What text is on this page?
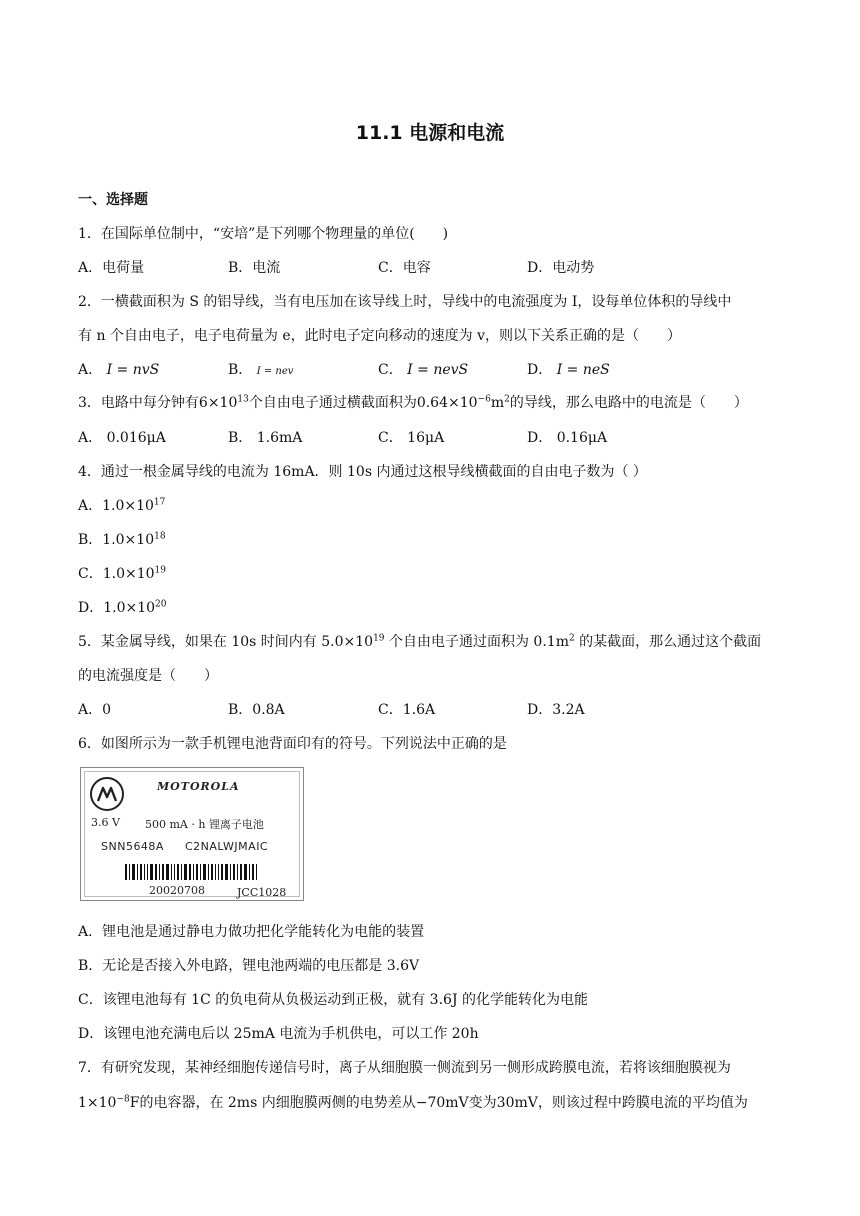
11.1 电源和电流
一、选择题
1．在国际单位制中，“安培”是下列哪个物理量的单位(　　)
A．电荷量	B．电流	C．电容	D．电动势
2．一横截面积为 S 的铝导线，当有电压加在该导线上时，导线中的电流强度为 I，设每单位体积的导线中
有 n 个自由电子，电子电荷量为 e，此时电子定向移动的速度为 v，则以下关系正确的是（　　）
A． I = nvS	B． I = nev	C． I = nevS	D． I = neS
3．电路中每分钟有$6\times 10^{13}$个自由电子通过横截面积为$0.64\times 10^{-6}m^2$的导线，那么电路中的电流是（　　）
A． 0.016μA	B． 1.6mA	C． 16μA	D． 0.16μA
4．通过一根金属导线的电流为 16mA．则 10s 内通过这根导线横截面的自由电子数为（ ）
A．$1.0\times 10^{17}$
B．$1.0\times 10^{18}$
C．$1.0\times 10^{19}$
D．$1.0\times 10^{20}$
5．某金属导线，如果在 10s 时间内有 $5.0\times 10^{19}$ 个自由电子通过面积为 $0.1m^2$ 的某截面，那么通过这个截面
的电流强度是（　　）
A．0	B．0.8A	C．1.6A	D．3.2A
6．如图所示为一款手机锂电池背面印有的符号。下列说法中正确的是
MOTOROLA
3.6 V 500 mA · h 锂离子电池
SNN5648A C2NALWJMAIC
20020708	JCC1028
A．锂电池是通过静电力做功把化学能转化为电能的装置
B．无论是否接入外电路，锂电池两端的电压都是 3.6V
C．该锂电池每有 1C 的负电荷从负极运动到正极，就有 3.6J 的化学能转化为电能
D．该锂电池充满电后以 25mA 电流为手机供电，可以工作 20h
7．有研究发现，某神经细胞传递信号时，离子从细胞膜一侧流到另一侧形成跨膜电流，若将该细胞膜视为
$1\times 10^{-8}F$的电容器，在 2ms 内细胞膜两侧的电势差从−70mV变为30mV，则该过程中跨膜电流的平均值为
